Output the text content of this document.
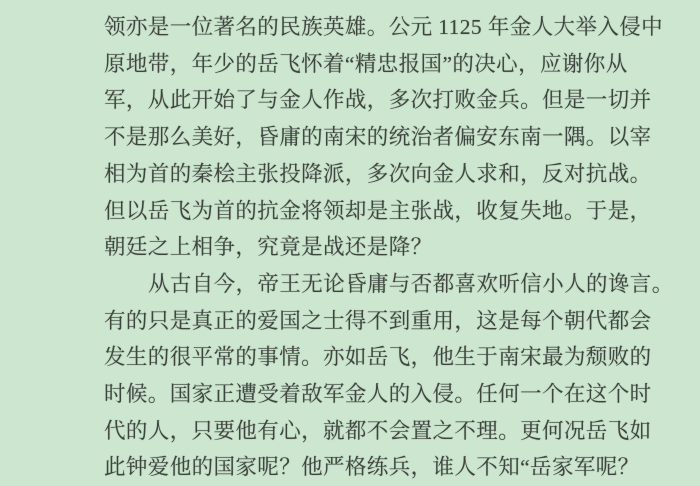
领亦是一位著名的民族英雄。公元 1125 年金人大举入侵中
原地带，年少的岳飞怀着“精忠报国”的决心，应谢你从
军，从此开始了与金人作战，多次打败金兵。但是一切并
不是那么美好，昏庸的南宋的统治者偏安东南一隅。以宰
相为首的秦桧主张投降派，多次向金人求和，反对抗战。
但以岳飞为首的抗金将领却是主张战，收复失地。于是，
朝廷之上相争，究竟是战还是降？
从古自今，帝王无论昏庸与否都喜欢听信小人的谗言。
有的只是真正的爱国之士得不到重用，这是每个朝代都会
发生的很平常的事情。亦如岳飞，他生于南宋最为颓败的
时候。国家正遭受着敌军金人的入侵。任何一个在这个时
代的人，只要他有心，就都不会置之不理。更何况岳飞如
此钟爱他的国家呢？他严格练兵，谁人不知“岳家军呢？
